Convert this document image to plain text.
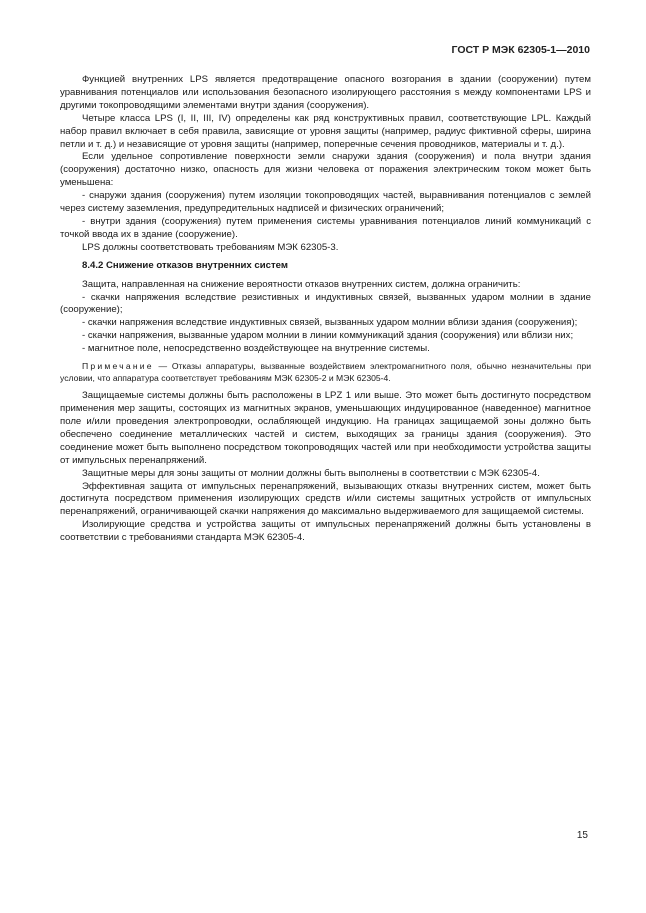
ГОСТ Р МЭК 62305-1—2010

Функцией внутренних LPS является предотвращение опасного возгорания в здании (сооружении) путем уравнивания потенциалов или использования безопасного изолирующего расстояния s между компонентами LPS и другими токопроводящими элементами внутри здания (сооружения).

Четыре класса LPS (I, II, III, IV) определены как ряд конструктивных правил, соответствующие LPL. Каждый набор правил включает в себя правила, зависящие от уровня защиты (например, радиус фиктивной сферы, ширина петли и т. д.) и независящие от уровня защиты (например, поперечные сечения проводников, материалы и т. д.).

Если удельное сопротивление поверхности земли снаружи здания (сооружения) и пола внутри здания (сооружения) достаточно низко, опасность для жизни человека от поражения электрическим током может быть уменьшена:

- снаружи здания (сооружения) путем изоляции токопроводящих частей, выравнивания потенциалов с землей через систему заземления, предупредительных надписей и физических ограничений;

- внутри здания (сооружения) путем применения системы уравнивания потенциалов линий коммуникаций с точкой ввода их в здание (сооружение).

LPS должны соответствовать требованиям МЭК 62305-3.

8.4.2 Снижение отказов внутренних систем

Защита, направленная на снижение вероятности отказов внутренних систем, должна ограничить:

- скачки напряжения вследствие резистивных и индуктивных связей, вызванных ударом молнии в здание (сооружение);

- скачки напряжения вследствие индуктивных связей, вызванных ударом молнии вблизи здания (сооружения);

- скачки напряжения, вызванные ударом молнии в линии коммуникаций здания (сооружения) или вблизи них;

- магнитное поле, непосредственно воздействующее на внутренние системы.

Примечание — Отказы аппаратуры, вызванные воздействием электромагнитного поля, обычно незначительны при условии, что аппаратура соответствует требованиям МЭК 62305-2 и МЭК 62305-4.

Защищаемые системы должны быть расположены в LPZ 1 или выше. Это может быть достигнуто посредством применения мер защиты, состоящих из магнитных экранов, уменьшающих индуцированное (наведенное) магнитное поле и/или проведения электропроводки, ослабляющей индукцию. На границах защищаемой зоны должно быть обеспечено соединение металлических частей и систем, выходящих за границы здания (сооружения). Это соединение может быть выполнено посредством токопроводящих частей или при необходимости устройства защиты от импульсных перенапряжений.

Защитные меры для зоны защиты от молнии должны быть выполнены в соответствии с МЭК 62305-4.

Эффективная защита от импульсных перенапряжений, вызывающих отказы внутренних систем, может быть достигнута посредством применения изолирующих средств и/или системы защитных устройств от импульсных перенапряжений, ограничивающей скачки напряжения до максимально выдерживаемого для защищаемой системы.

Изолирующие средства и устройства защиты от импульсных перенапряжений должны быть установлены в соответствии с требованиями стандарта МЭК 62305-4.

15
